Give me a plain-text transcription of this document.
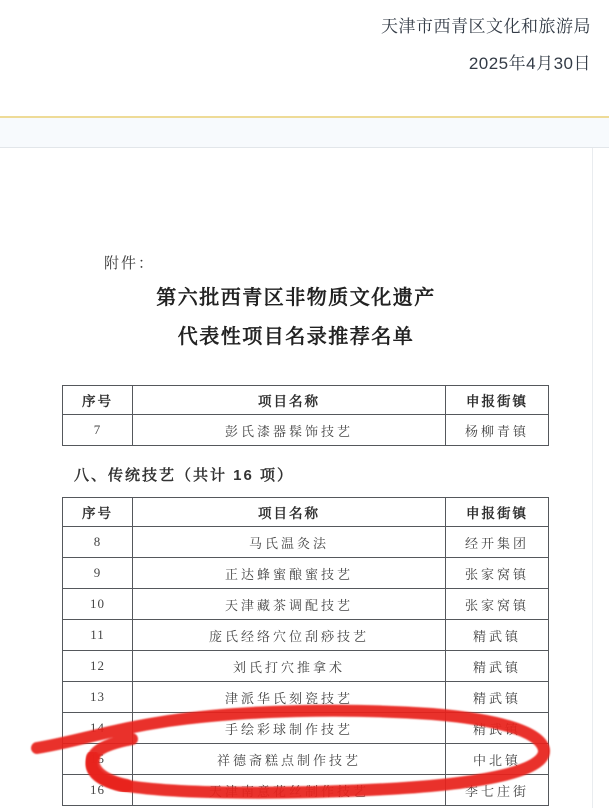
天津市西青区文化和旅游局
2025年4月30日
附件：
第六批西青区非物质文化遗产
代表性项目名录推荐名单
序号	项目名称	申报街镇
7	彭氏漆器髹饰技艺	杨柳青镇
八、传统技艺（共计 16 项）
序号	项目名称	申报街镇
8	马氏温灸法	经开集团
9	正达蜂蜜酿蜜技艺	张家窝镇
10	天津藏茶调配技艺	张家窝镇
11	庞氏经络穴位刮痧技艺	精武镇
12	刘氏打穴推拿术	精武镇
13	津派华氏刻瓷技艺	精武镇
14	手绘彩球制作技艺	精武镇
15	祥德斋糕点制作技艺	中北镇
16	天津南意花丝制作技艺	李七庄街
